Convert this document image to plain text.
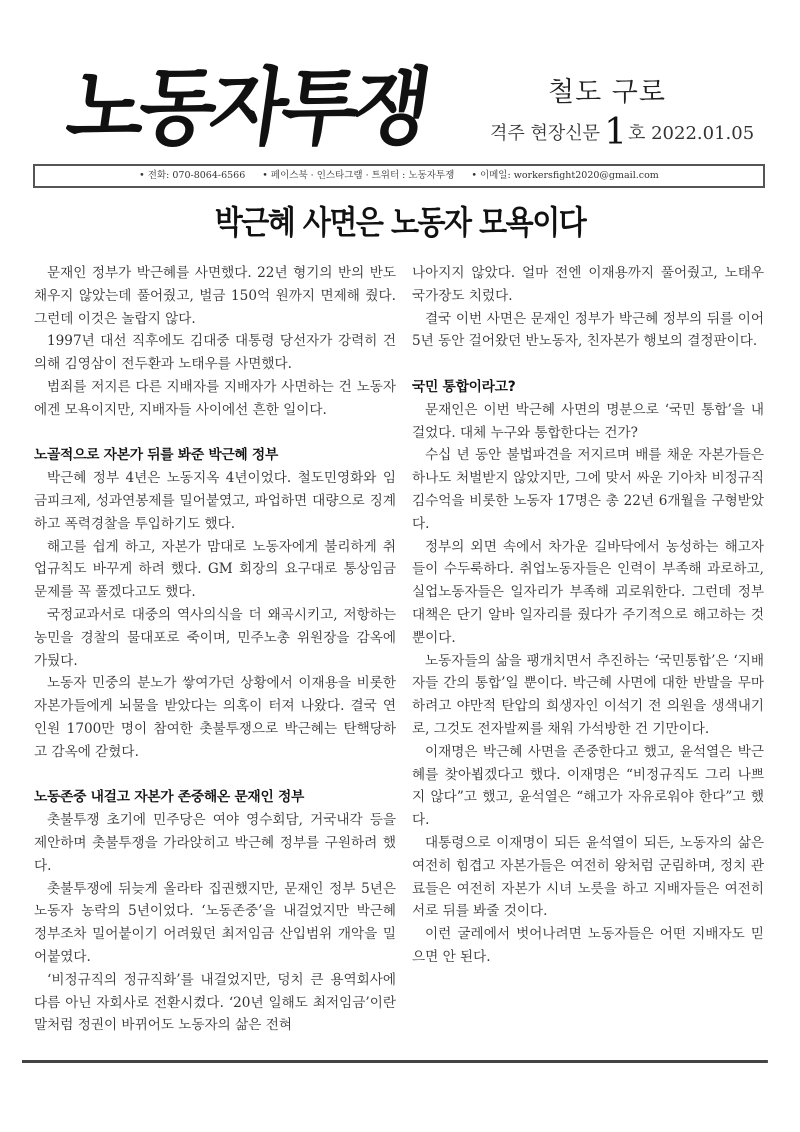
노동자투쟁	철도 구로
격주 현장신문 1호 2022.01.05
• 전화: 070-8064-6566 • 페이스북 · 인스타그램 · 트위터 : 노동자투쟁 • 이메일: workersfight2020@gmail.com
박근혜 사면은 노동자 모욕이다

문재인 정부가 박근혜를 사면했다. 22년 형기의 반의 반도 채우지 않았는데 풀어줬고, 벌금 150억 원까지 면제해 줬다. 그런데 이것은 놀랍지 않다.

1997년 대선 직후에도 김대중 대통령 당선자가 강력히 건의해 김영삼이 전두환과 노태우를 사면했다.

범죄를 저지른 다른 지배자를 지배자가 사면하는 건 노동자에겐 모욕이지만, 지배자들 사이에선 흔한 일이다.

노골적으로 자본가 뒤를 봐준 박근혜 정부

박근혜 정부 4년은 노동지옥 4년이었다. 철도민영화와 임금피크제, 성과연봉제를 밀어붙였고, 파업하면 대량으로 징계하고 폭력경찰을 투입하기도 했다.

해고를 쉽게 하고, 자본가 맘대로 노동자에게 불리하게 취업규칙도 바꾸게 하려 했다. GM 회장의 요구대로 통상임금 문제를 꼭 풀겠다고도 했다.

국정교과서로 대중의 역사의식을 더 왜곡시키고, 저항하는 농민을 경찰의 물대포로 죽이며, 민주노총 위원장을 감옥에 가뒀다.

노동자 민중의 분노가 쌓여가던 상황에서 이재용을 비롯한 자본가들에게 뇌물을 받았다는 의혹이 터져 나왔다. 결국 연인원 1700만 명이 참여한 촛불투쟁으로 박근혜는 탄핵당하고 감옥에 갇혔다.

노동존중 내걸고 자본가 존중해온 문재인 정부

촛불투쟁 초기에 민주당은 여야 영수회담, 거국내각 등을 제안하며 촛불투쟁을 가라앉히고 박근혜 정부를 구원하려 했다.

촛불투쟁에 뒤늦게 올라타 집권했지만, 문재인 정부 5년은 노동자 농락의 5년이었다. ‘노동존중’을 내걸었지만 박근혜 정부조차 밀어붙이기 어려웠던 최저임금 산입범위 개악을 밀어붙였다.

‘비정규직의 정규직화’를 내걸었지만, 덩치 큰 용역회사에 다름 아닌 자회사로 전환시켰다. ‘20년 일해도 최저임금’이란 말처럼 정권이 바뀌어도 노동자의 삶은 전혀

나아지지 않았다. 얼마 전엔 이재용까지 풀어줬고, 노태우 국가장도 치렀다.

결국 이번 사면은 문재인 정부가 박근혜 정부의 뒤를 이어 5년 동안 걸어왔던 반노동자, 친자본가 행보의 결정판이다.

국민 통합이라고?

문재인은 이번 박근혜 사면의 명분으로 ‘국민 통합’을 내걸었다. 대체 누구와 통합한다는 건가?

수십 년 동안 불법파견을 저지르며 배를 채운 자본가들은 하나도 처벌받지 않았지만, 그에 맞서 싸운 기아차 비정규직 김수억을 비롯한 노동자 17명은 총 22년 6개월을 구형받았다.

정부의 외면 속에서 차가운 길바닥에서 농성하는 해고자들이 수두룩하다. 취업노동자들은 인력이 부족해 과로하고, 실업노동자들은 일자리가 부족해 괴로워한다. 그런데 정부 대책은 단기 알바 일자리를 줬다가 주기적으로 해고하는 것뿐이다.

노동자들의 삶을 팽개치면서 추진하는 ‘국민통합’은 ‘지배자들 간의 통합’일 뿐이다. 박근혜 사면에 대한 반발을 무마하려고 야만적 탄압의 희생자인 이석기 전 의원을 생색내기로, 그것도 전자발찌를 채워 가석방한 건 기만이다.

이재명은 박근혜 사면을 존중한다고 했고, 윤석열은 박근혜를 찾아뵙겠다고 했다. 이재명은 “비정규직도 그리 나쁘지 않다”고 했고, 윤석열은 “해고가 자유로워야 한다”고 했다.

대통령으로 이재명이 되든 윤석열이 되든, 노동자의 삶은 여전히 힘겹고 자본가들은 여전히 왕처럼 군림하며, 정치 관료들은 여전히 자본가 시녀 노릇을 하고 지배자들은 여전히 서로 뒤를 봐줄 것이다.

이런 굴레에서 벗어나려면 노동자들은 어떤 지배자도 믿으면 안 된다.
